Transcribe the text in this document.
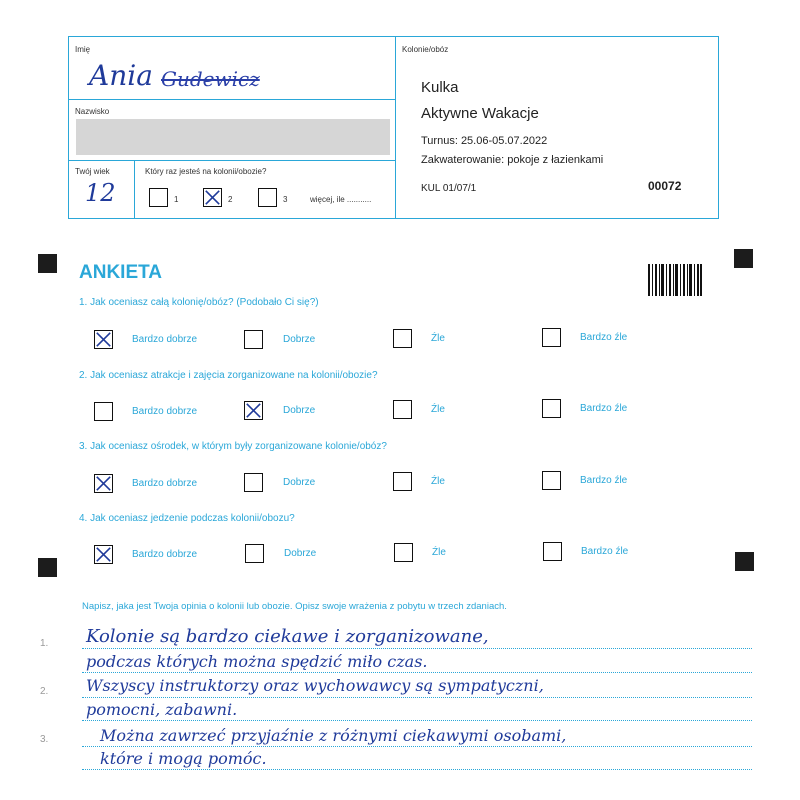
Imię
Ania Gudewicz
Nazwisko
Twój wiek
12
Który raz jesteś na kolonii/obozie?
1	2	3	więcej, ile ...........
Kolonie/obóz
Kulka
Aktywne Wakacje
Turnus: 25.06-05.07.2022
Zakwaterowanie: pokoje z łazienkami
KUL 01/07/1	00072
ANKIETA
1. Jak oceniasz całą kolonię/obóz? (Podobało Ci się?)
Bardzo dobrze	Dobrze	Źle	Bardzo źle
2. Jak oceniasz atrakcje i zajęcia zorganizowane na kolonii/obozie?
Bardzo dobrze	Dobrze	Źle	Bardzo źle
3. Jak oceniasz ośrodek, w którym były zorganizowane kolonie/obóz?
Bardzo dobrze	Dobrze	Źle	Bardzo źle
4. Jak oceniasz jedzenie podczas kolonii/obozu?
Bardzo dobrze	Dobrze	Źle	Bardzo źle
Napisz, jaka jest Twoja opinia o kolonii lub obozie. Opisz swoje wrażenia z pobytu w trzech zdaniach.
1.
2.
3.
Kolonie są bardzo ciekawe i zorganizowane,
podczas których można spędzić miło czas.
Wszyscy instruktorzy oraz wychowawcy są sympatyczni,
pomocni, zabawni.
Można zawrzeć przyjaźnie z różnymi ciekawymi osobami,
które i mogą pomóc.
